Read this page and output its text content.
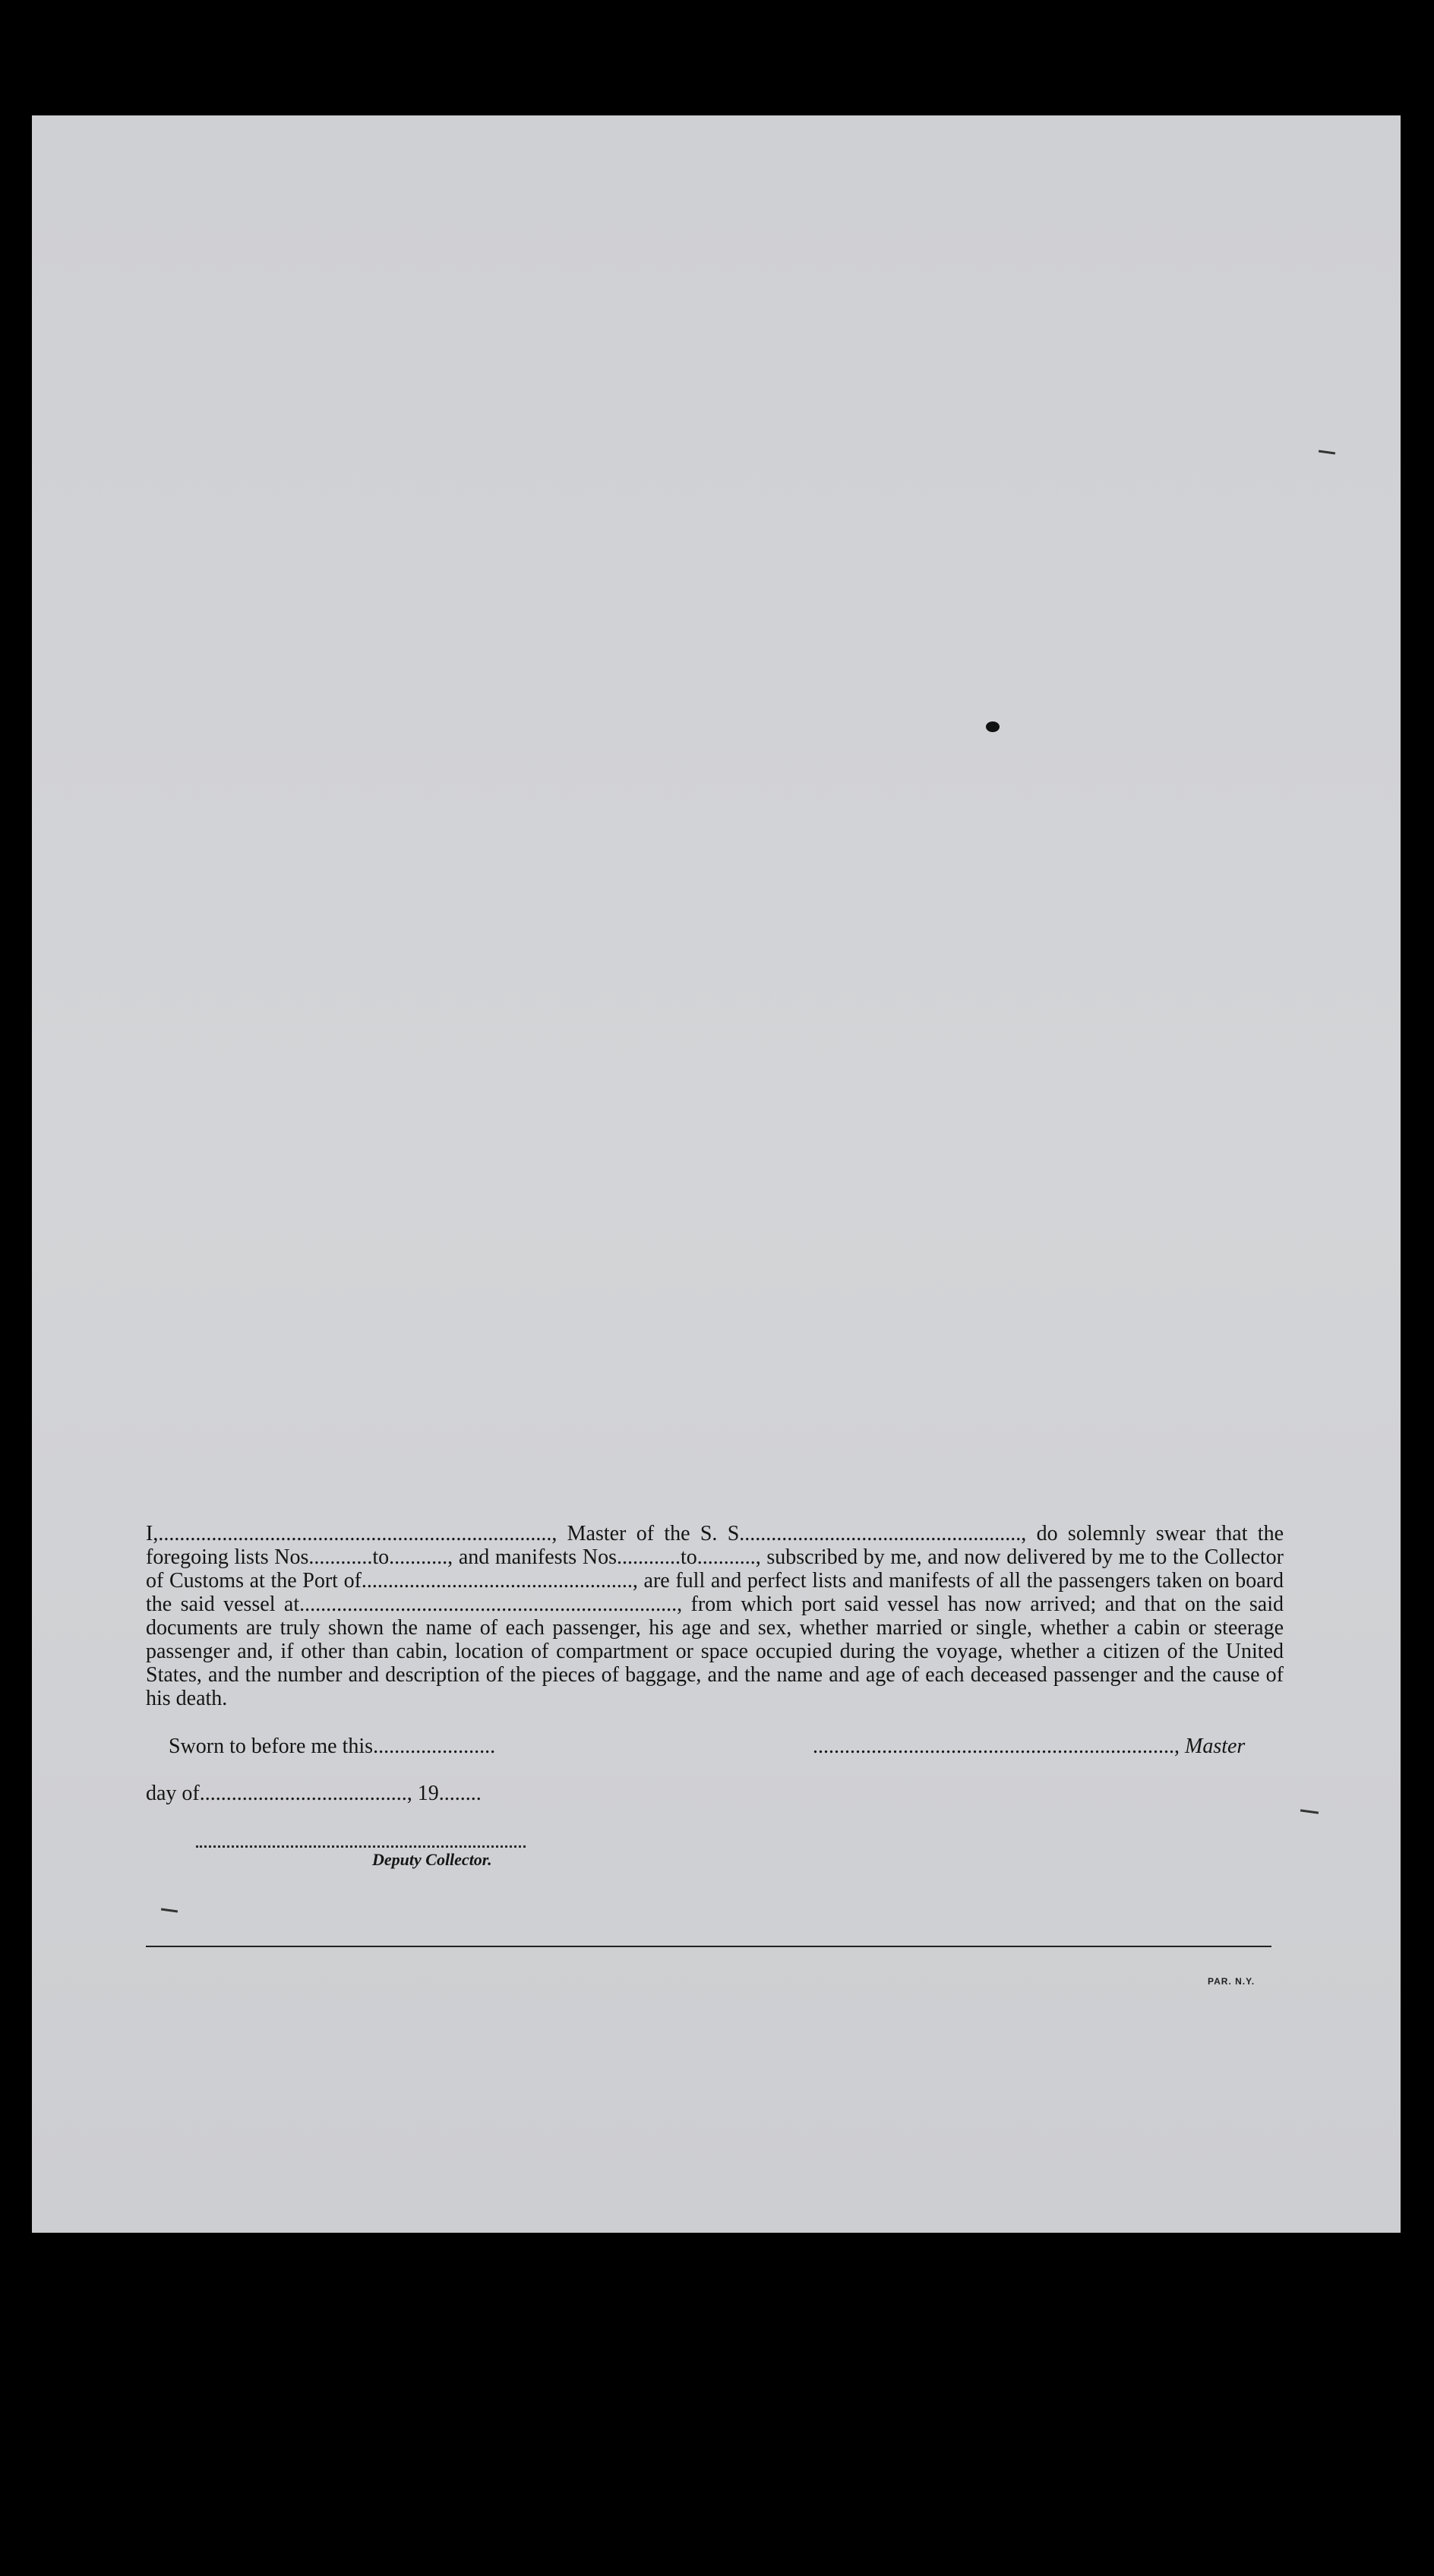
I,.........................................................................., Master of the S. S....................................................., do solemnly swear that the foregoing lists Nos............to..........., and manifests Nos............to..........., subscribed by me, and now delivered by me to the Collector of Customs at the Port of..................................................., are full and perfect lists and manifests of all the passengers taken on board the said vessel at......................................................................., from which port said vessel has now arrived; and that on the said documents are truly shown the name of each passenger, his age and sex, whether married or single, whether a cabin or steerage passenger and, if other than cabin, location of compartment or space occupied during the voyage, whether a citizen of the United States, and the number and description of the pieces of baggage, and the name and age of each deceased passenger and the cause of his death.

Sworn to before me this.......................	...................................................................., Master
day of......................................., 19........
Deputy Collector.
PAR. N.Y.
